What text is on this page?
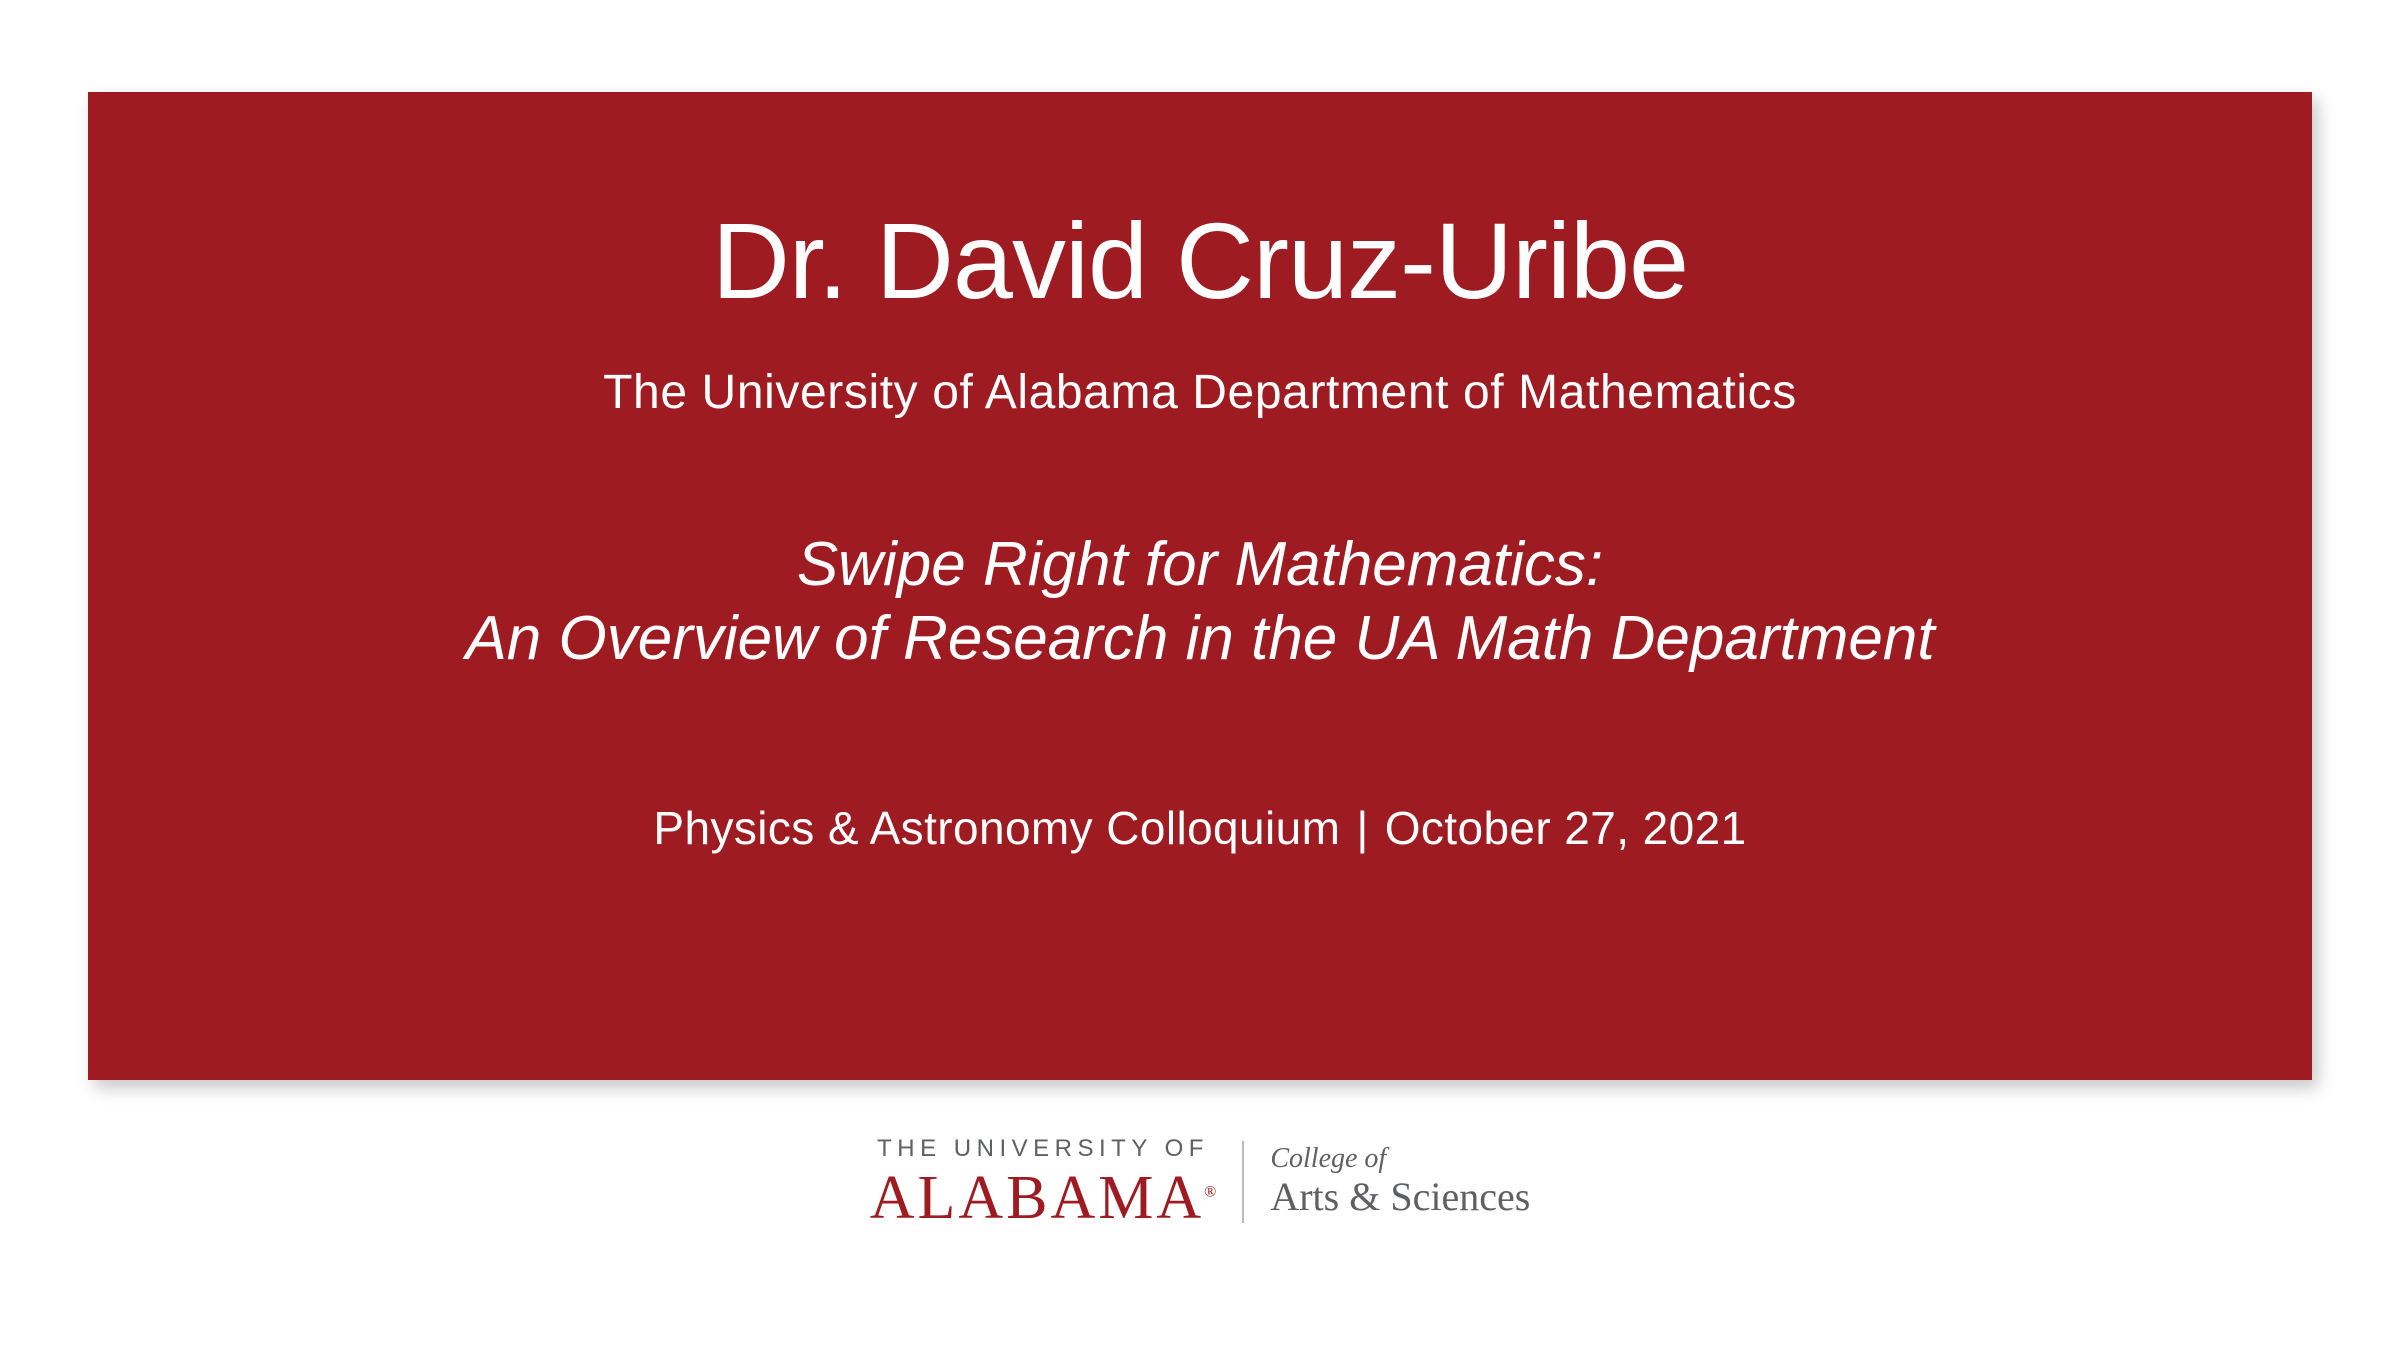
Dr. David Cruz-Uribe
The University of Alabama Department of Mathematics
Swipe Right for Mathematics:
An Overview of Research in the UA Math Department
Physics & Astronomy Colloquium | October 27, 2021
THE UNIVERSITY OF
ALABAMA®
College of
Arts & Sciences
